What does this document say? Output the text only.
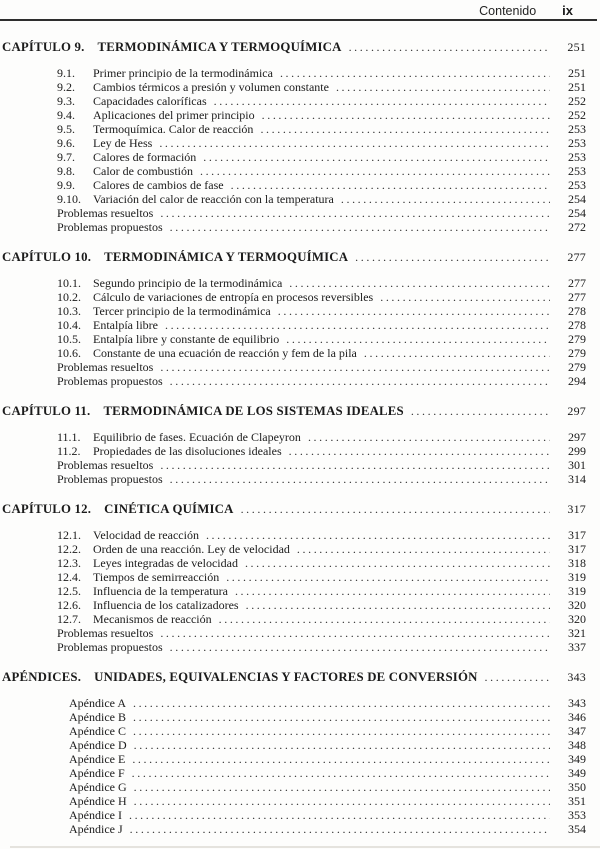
Contenido ix
CAPÍTULO 9. TERMODINÁMICA Y TERMOQUÍMICA .....	251
9.1.	Primer principio de la termodinámica .....	251
9.2.	Cambios térmicos a presión y volumen constante .....	251
9.3.	Capacidades caloríficas .....	252
9.4.	Aplicaciones del primer principio .....	252
9.5.	Termoquímica. Calor de reacción .....	253
9.6.	Ley de Hess .....	253
9.7.	Calores de formación .....	253
9.8.	Calor de combustión .....	253
9.9.	Calores de cambios de fase .....	253
9.10.	Variación del calor de reacción con la temperatura .....	254
Problemas resueltos .....	254
Problemas propuestos .....	272
CAPÍTULO 10. TERMODINÁMICA Y TERMOQUÍMICA .....	277
10.1.	Segundo principio de la termodinámica .....	277
10.2.	Cálculo de variaciones de entropía en procesos reversibles .....	277
10.3.	Tercer principio de la termodinámica .....	278
10.4.	Entalpía libre .....	278
10.5.	Entalpía libre y constante de equilibrio .....	279
10.6.	Constante de una ecuación de reacción y fem de la pila .....	279
Problemas resueltos .....	279
Problemas propuestos .....	294
CAPÍTULO 11. TERMODINÁMICA DE LOS SISTEMAS IDEALES .....	297
11.1.	Equilibrio de fases. Ecuación de Clapeyron .....	297
11.2.	Propiedades de las disoluciones ideales .....	299
Problemas resueltos .....	301
Problemas propuestos .....	314
CAPÍTULO 12. CINÉTICA QUÍMICA .....	317
12.1.	Velocidad de reacción .....	317
12.2.	Orden de una reacción. Ley de velocidad .....	317
12.3.	Leyes integradas de velocidad .....	318
12.4.	Tiempos de semirreacción .....	319
12.5.	Influencia de la temperatura .....	319
12.6.	Influencia de los catalizadores .....	320
12.7.	Mecanismos de reacción .....	320
Problemas resueltos .....	321
Problemas propuestos .....	337
APÉNDICES. UNIDADES, EQUIVALENCIAS Y FACTORES DE CONVERSIÓN .....	343
Apéndice A .....	343
Apéndice B .....	346
Apéndice C .....	347
Apéndice D .....	348
Apéndice E .....	349
Apéndice F .....	349
Apéndice G .....	350
Apéndice H .....	351
Apéndice I .....	353
Apéndice J .....	354
